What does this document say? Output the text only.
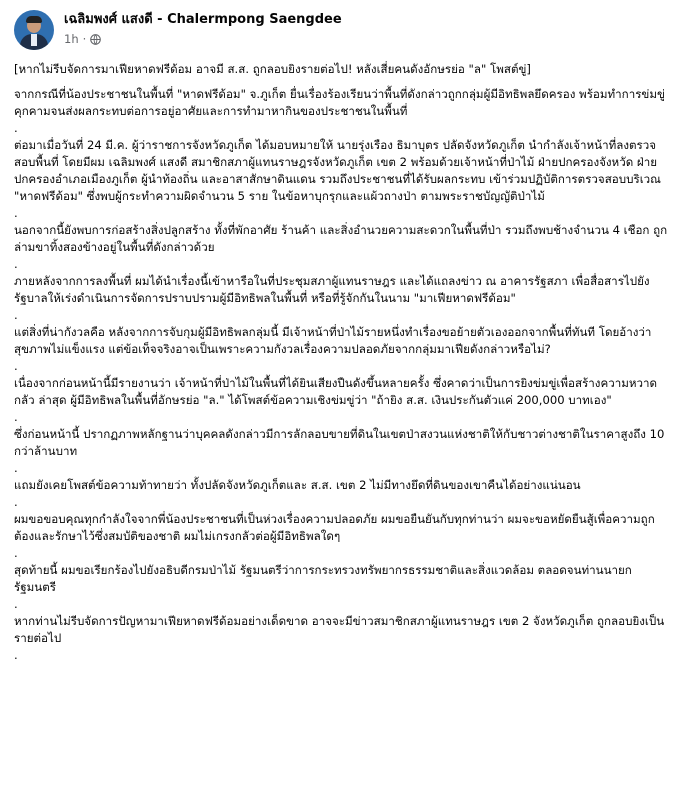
เฉลิมพงศ์ แสงดี - Chalermpong Saengdee
1h ·
[หากไม่รีบจัดการมาเฟียหาดฟรีด้อม อาจมี ส.ส. ถูกลอบยิงรายต่อไป! หลังเสี่ยคนดังอักษรย่อ "ล" โพสต์ขู่]
จากกรณีที่น้องประชาชนในพื้นที่ "หาดฟรีด้อม" จ.ภูเก็ต ยื่นเรื่องร้องเรียนว่าพื้นที่ดังกล่าวถูกกลุ่มผู้มีอิทธิพลยึดครอง พร้อมทำการข่มขู่คุกคามจนส่งผลกระทบต่อการอยู่อาศัยและการทำมาหากินของประชาชนในพื้นที่
.
ต่อมาเมื่อวันที่ 24 มี.ค. ผู้ว่าราชการจังหวัดภูเก็ต ได้มอบหมายให้ นายรุ่งเรือง ธิมาบุตร ปลัดจังหวัดภูเก็ต นำกำลังเจ้าหน้าที่ลงตรวจสอบพื้นที่ โดยมีผม เฉลิมพงศ์ แสงดี สมาชิกสภาผู้แทนราษฎรจังหวัดภูเก็ต เขต 2 พร้อมด้วยเจ้าหน้าที่ป่าไม้ ฝ่ายปกครองจังหวัด ฝ่ายปกครองอำเภอเมืองภูเก็ต ผู้นำท้องถิ่น และอาสาสักษาดินแดน รวมถึงประชาชนที่ได้รับผลกระทบ เข้าร่วมปฏิบัติการตรวจสอบบริเวณ "หาดฟรีด้อม" ซึ่งพบผู้กระทำความผิดจำนวน 5 ราย ในข้อหาบุกรุกและแผ้วถางป่า ตามพระราชบัญญัติป่าไม้
.
นอกจากนี้ยังพบการก่อสร้างสิ่งปลูกสร้าง ทั้งที่พักอาศัย ร้านค้า และสิ่งอำนวยความสะดวกในพื้นที่ป่า รวมถึงพบช้างจำนวน 4 เชือก ถูกล่ามขาทิ้งสองข้างอยู่ในพื้นที่ดังกล่าวด้วย
.
ภายหลังจากการลงพื้นที่ ผมได้นำเรื่องนี้เข้าหารือในที่ประชุมสภาผู้แทนราษฎร และได้แถลงข่าว ณ อาคารรัฐสภา เพื่อสื่อสารไปยังรัฐบาลให้เร่งดำเนินการจัดการปราบปรามผู้มีอิทธิพลในพื้นที่ หรือที่รู้จักกันในนาม "มาเฟียหาดฟรีด้อม"
.
แต่สิ่งที่น่ากังวลคือ หลังจากการจับกุมผู้มีอิทธิพลกลุ่มนี้ มีเจ้าหน้าที่ป่าไม้รายหนึ่งทำเรื่องขอย้ายตัวเองออกจากพื้นที่ทันที โดยอ้างว่าสุขภาพไม่แข็งแรง แต่ข้อเท็จจริงอาจเป็นเพราะความกังวลเรื่องความปลอดภัยจากกลุ่มมาเฟียดังกล่าวหรือไม่?
.
เนื่องจากก่อนหน้านี้มีรายงานว่า เจ้าหน้าที่ป่าไม้ในพื้นที่ได้ยินเสียงปืนดังขึ้นหลายครั้ง ซึ่งคาดว่าเป็นการยิงข่มขู่เพื่อสร้างความหวาดกลัว ล่าสุด ผู้มีอิทธิพลในพื้นที่อักษรย่อ "ล." ได้โพสต์ข้อความเชิงข่มขู่ว่า "ถ้ายิง ส.ส. เงินประกันตัวแค่ 200,000 บาทเอง"
.
ซึ่งก่อนหน้านี้ ปรากฏภาพหลักฐานว่าบุคคลดังกล่าวมีการลักลอบขายที่ดินในเขตป่าสงวนแห่งชาติให้กับชาวต่างชาติในราคาสูงถึง 10 กว่าล้านบาท
.
แถมยังเคยโพสต์ข้อความท้าทายว่า ทั้งปลัดจังหวัดภูเก็ตและ ส.ส. เขต 2 ไม่มีทางยึดที่ดินของเขาคืนได้อย่างแน่นอน
.
ผมขอขอบคุณทุกกำลังใจจากพี่น้องประชาชนที่เป็นห่วงเรื่องความปลอดภัย ผมขอยืนยันกับทุกท่านว่า ผมจะขอหยัดยืนสู้เพื่อความถูกต้องและรักษาไว้ซึ่งสมบัติของชาติ ผมไม่เกรงกลัวต่อผู้มีอิทธิพลใดๆ
.
สุดท้ายนี้ ผมขอเรียกร้องไปยังอธิบดีกรมป่าไม้ รัฐมนตรีว่าการกระทรวงทรัพยากรธรรมชาติและสิ่งแวดล้อม ตลอดจนท่านนายกรัฐมนตรี
.
หากท่านไม่รีบจัดการปัญหามาเฟียหาดฟรีด้อมอย่างเด็ดขาด อาจจะมีข่าวสมาชิกสภาผู้แทนราษฎร เขต 2 จังหวัดภูเก็ต ถูกลอบยิงเป็นรายต่อไป
.
